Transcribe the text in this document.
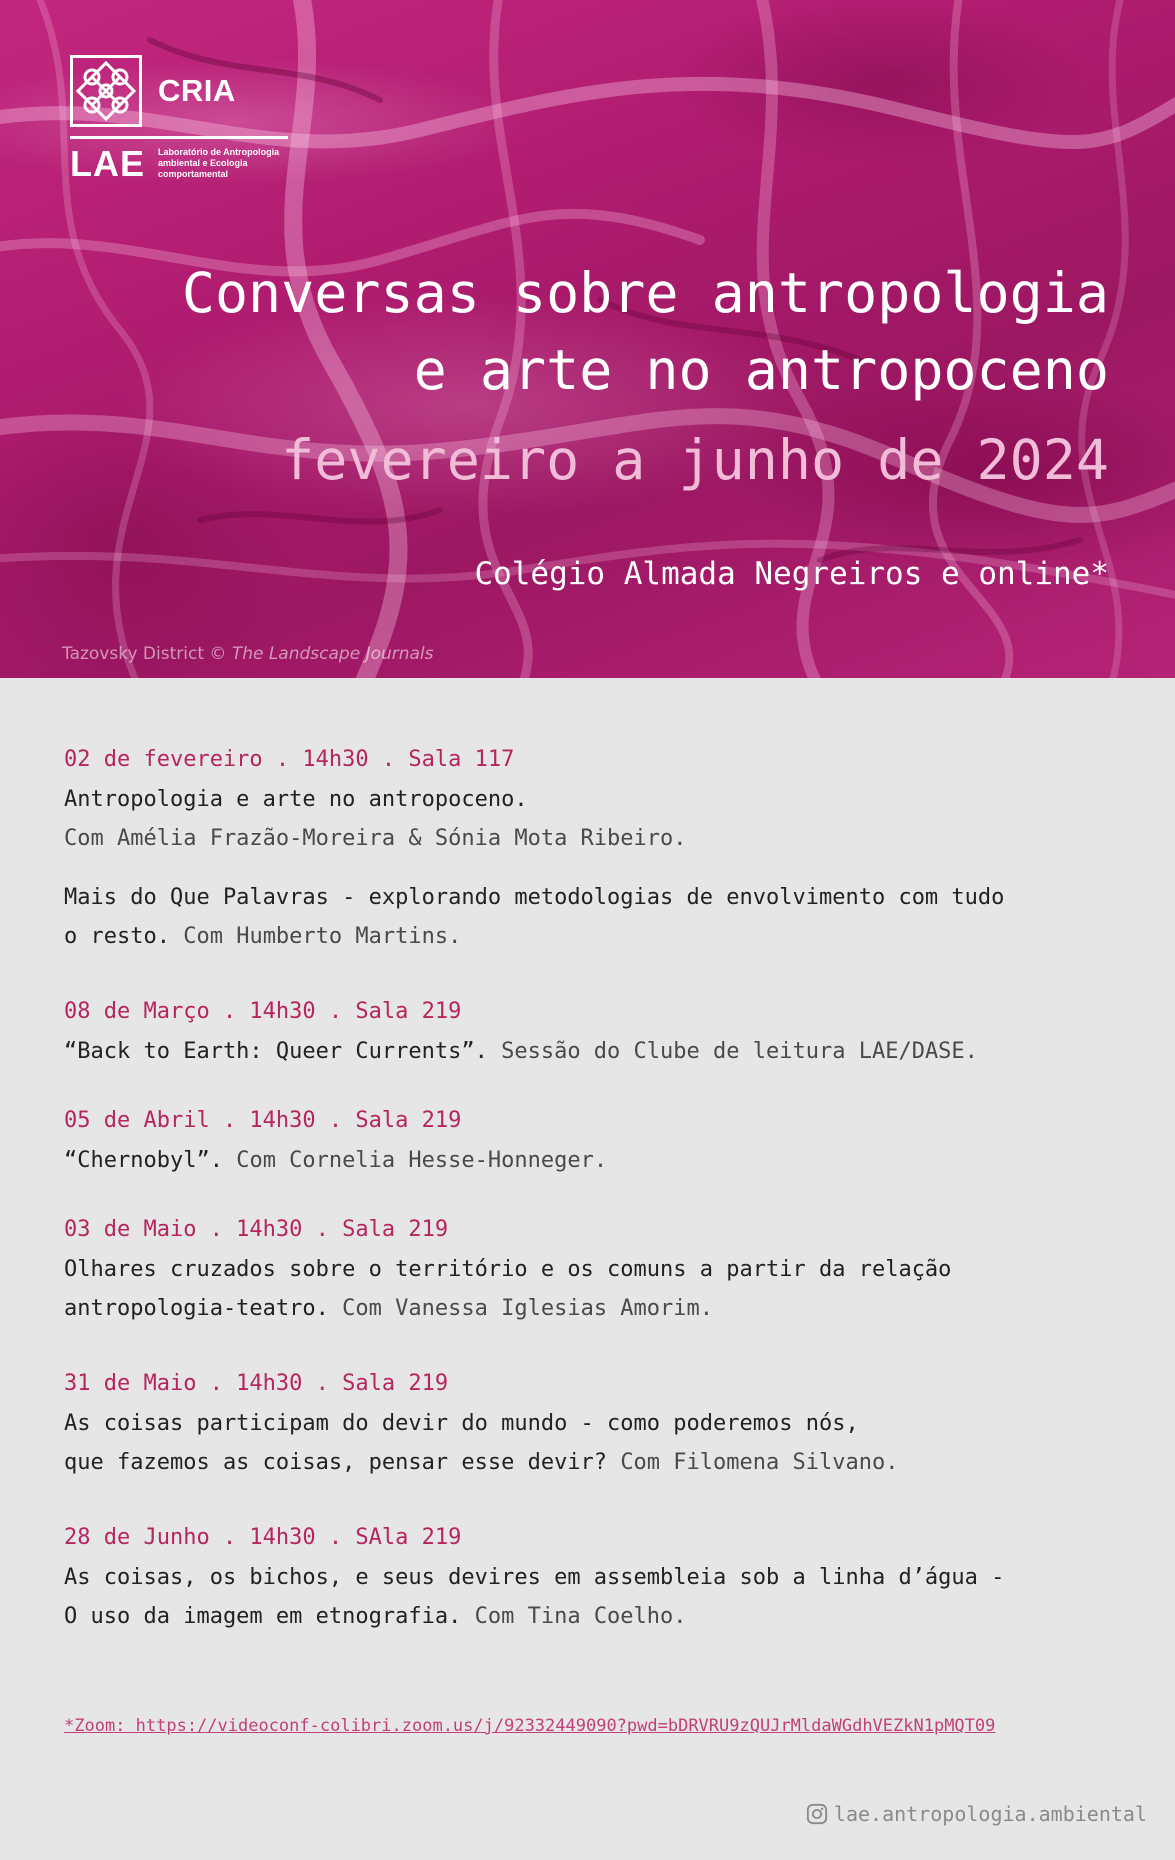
CRIA
LAE Laboratório de Antropologia ambiental e Ecologia comportamental
Conversas sobre antropologia
e arte no antropoceno
fevereiro a junho de 2024
Colégio Almada Negreiros e online*
Tazovsky District © The Landscape Journals
02 de fevereiro . 14h30 . Sala 117
Antropologia e arte no antropoceno.
Com Amélia Frazão-Moreira & Sónia Mota Ribeiro.
Mais do Que Palavras - explorando metodologias de envolvimento com tudo
o resto. Com Humberto Martins.
08 de Março . 14h30 . Sala 219
“Back to Earth: Queer Currents”. Sessão do Clube de leitura LAE/DASE.
05 de Abril . 14h30 . Sala 219
“Chernobyl”. Com Cornelia Hesse-Honneger.
03 de Maio . 14h30 . Sala 219
Olhares cruzados sobre o território e os comuns a partir da relação
antropologia-teatro. Com Vanessa Iglesias Amorim.
31 de Maio . 14h30 . Sala 219
As coisas participam do devir do mundo - como poderemos nós,
que fazemos as coisas, pensar esse devir? Com Filomena Silvano.
28 de Junho . 14h30 . SAla 219
As coisas, os bichos, e seus devires em assembleia sob a linha d’água -
O uso da imagem em etnografia. Com Tina Coelho.
*Zoom: https://videoconf-colibri.zoom.us/j/92332449090?pwd=bDRVRU9zQUJrMldaWGdhVEZkN1pMQT09
lae.antropologia.ambiental
